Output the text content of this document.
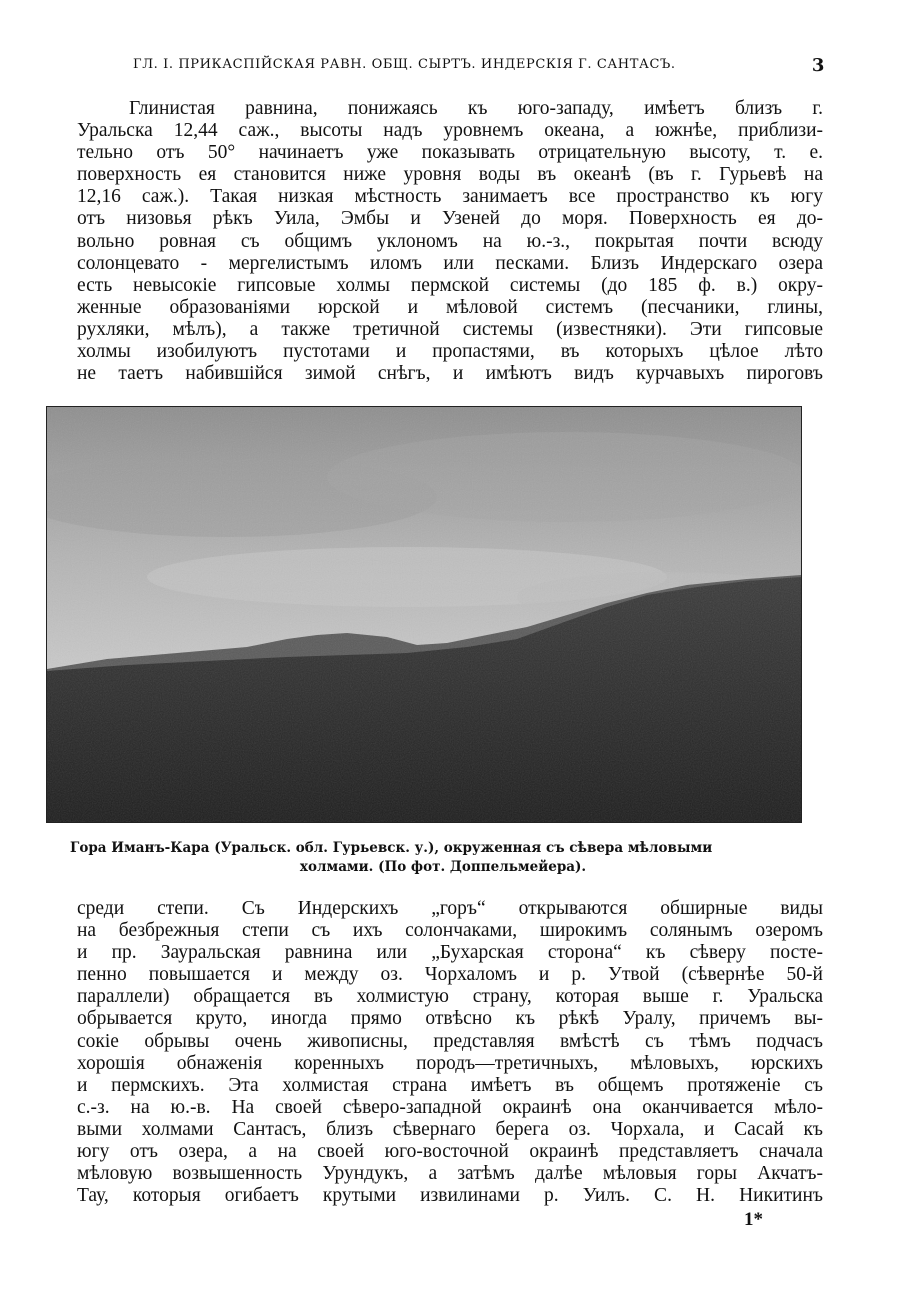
ГЛ. I. ПРИКАСПІЙСКАЯ РАВН. ОБЩ. СЫРТЪ. ИНДЕРСКІЯ Г. САНТАСЪ.	3
Глинистая равнина, понижаясь къ юго-западу, имѣетъ близъ г.
Уральска 12,44 саж., высоты надъ уровнемъ океана, а южнѣе, приблизи-
тельно отъ 50° начинаетъ уже показывать отрицательную высоту, т. е.
поверхность ея становится ниже уровня воды въ океанѣ (въ г. Гурьевѣ на
12,16 саж.). Такая низкая мѣстность занимаетъ все пространство къ югу
отъ низовья рѣкъ Уила, Эмбы и Узеней до моря. Поверхность ея до-
вольно ровная съ общимъ уклономъ на ю.-з., покрытая почти всюду
солонцевато - мергелистымъ иломъ или песками. Близъ Индерскаго озера
есть невысокіе гипсовые холмы пермской системы (до 185 ф. в.) окру-
женные образованіями юрской и мѣловой системъ (песчаники, глины,
рухляки, мѣлъ), а также третичной системы (известняки). Эти гипсовые
холмы изобилуютъ пустотами и пропастями, въ которыхъ цѣлое лѣто
не таетъ набившійся зимой снѣгъ, и имѣютъ видъ курчавыхъ пироговъ
Гора Иманъ-Кара (Уральск. обл. Гурьевск. у.), окруженная съ сѣвера мѣловыми
холмами. (По фот. Доппельмейера).
среди степи. Съ Индерскихъ „горъ“ открываются обширные виды
на безбрежныя степи съ ихъ солончаками, широкимъ солянымъ озеромъ
и пр. Зауральская равнина или „Бухарская сторона“ къ сѣверу посте-
пенно повышается и между оз. Чорхаломъ и р. Утвой (сѣвернѣе 50-й
параллели) обращается въ холмистую страну, которая выше г. Уральска
обрывается круто, иногда прямо отвѣсно къ рѣкѣ Уралу, причемъ вы-
сокіе обрывы очень живописны, представляя вмѣстѣ съ тѣмъ подчасъ
хорошія обнаженія коренныхъ породъ—третичныхъ, мѣловыхъ, юрскихъ
и пермскихъ. Эта холмистая страна имѣетъ въ общемъ протяженіе съ
с.-з. на ю.-в. На своей сѣверо-западной окраинѣ она оканчивается мѣло-
выми холмами Сантасъ, близъ сѣвернаго берега оз. Чорхала, и Сасай къ
югу отъ озера, а на своей юго-восточной окраинѣ представляетъ сначала
мѣловую возвышенность Урундукъ, а затѣмъ далѣе мѣловыя горы Акчатъ-
Тау, которыя огибаетъ крутыми извилинами р. Уилъ. С. Н. Никитинъ
1*
